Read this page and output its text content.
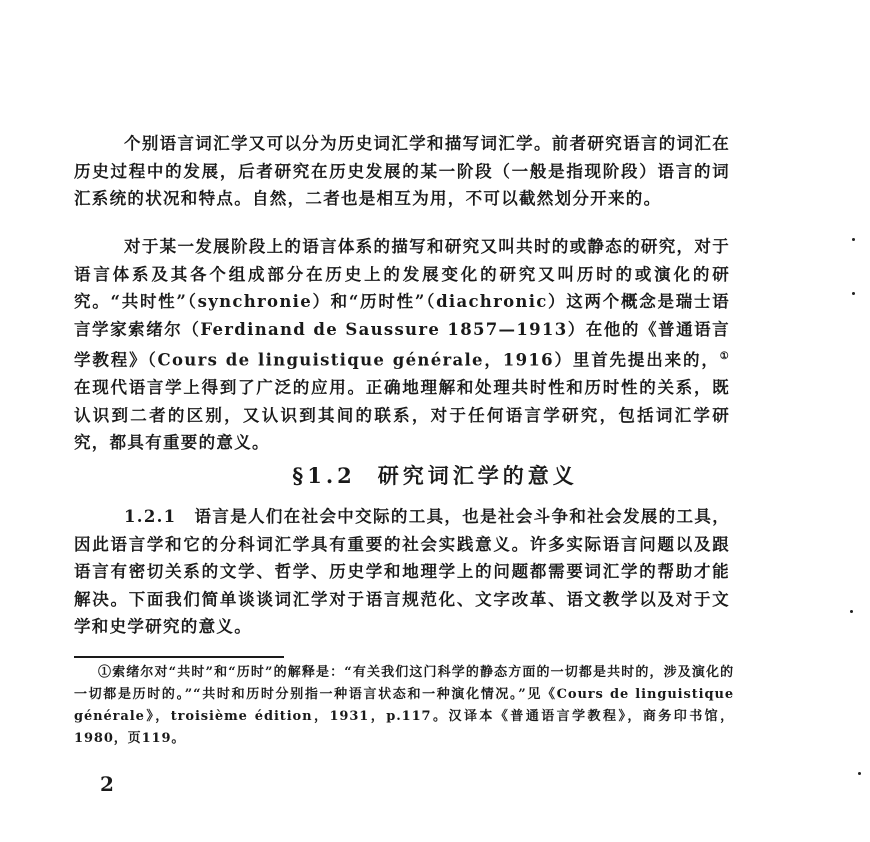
个别语言词汇学又可以分为历史词汇学和描写词汇学。前者研究语言的词汇在历史过程中的发展，后者研究在历史发展的某一阶段（一般是指现阶段）语言的词汇系统的状况和特点。自然，二者也是相互为用，不可以截然划分开来的。

对于某一发展阶段上的语言体系的描写和研究又叫共时的或静态的研究，对于语言体系及其各个组成部分在历史上的发展变化的研究又叫历时的或演化的研究。“共时性”（synchronie）和“历时性”（diachronic）这两个概念是瑞士语言学家索绪尔（Ferdinand de Saussure 1857—1913）在他的《普通语言学教程》（Cours de linguistique générale，1916）里首先提出来的，①在现代语言学上得到了广泛的应用。正确地理解和处理共时性和历时性的关系，既认识到二者的区别，又认识到其间的联系，对于任何语言学研究，包括词汇学研究，都具有重要的意义。

§1.2 研究词汇学的意义

1.2.1 语言是人们在社会中交际的工具，也是社会斗争和社会发展的工具，因此语言学和它的分科词汇学具有重要的社会实践意义。许多实际语言问题以及跟语言有密切关系的文学、哲学、历史学和地理学上的问题都需要词汇学的帮助才能解决。下面我们简单谈谈词汇学对于语言规范化、文字改革、语文教学以及对于文学和史学研究的意义。

①索绪尔对“共时”和“历时”的解释是：“有关我们这门科学的静态方面的一切都是共时的，涉及演化的一切都是历时的。”“共时和历时分别指一种语言状态和一种演化情况。”见《Cours de linguistique générale》，troisième édition，1931，p.117。汉译本《普通语言学教程》，商务印书馆，1980，页119。

2
